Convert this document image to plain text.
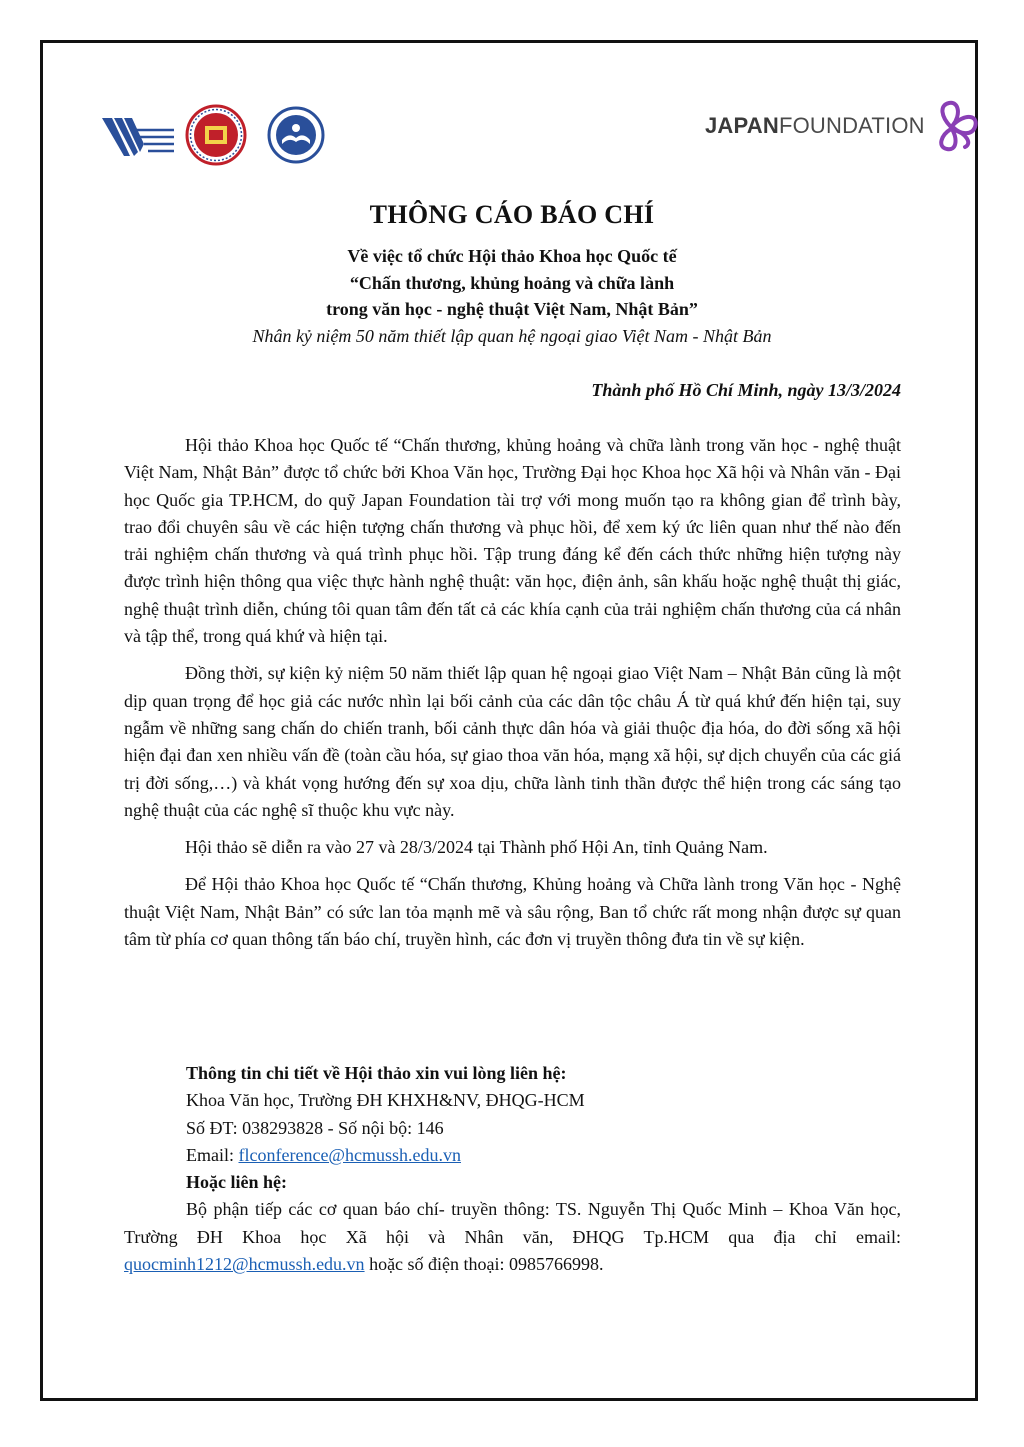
JAPANFOUNDATION
THÔNG CÁO BÁO CHÍ
Về việc tổ chức Hội thảo Khoa học Quốc tế
“Chấn thương, khủng hoảng và chữa lành
trong văn học - nghệ thuật Việt Nam, Nhật Bản”
Nhân kỷ niệm 50 năm thiết lập quan hệ ngoại giao Việt Nam - Nhật Bản
Thành phố Hồ Chí Minh, ngày 13/3/2024

Hội thảo Khoa học Quốc tế “Chấn thương, khủng hoảng và chữa lành trong văn học - nghệ thuật Việt Nam, Nhật Bản” được tổ chức bởi Khoa Văn học, Trường Đại học Khoa học Xã hội và Nhân văn - Đại học Quốc gia TP.HCM, do quỹ Japan Foundation tài trợ với mong muốn tạo ra không gian để trình bày, trao đổi chuyên sâu về các hiện tượng chấn thương và phục hồi, để xem ký ức liên quan như thế nào đến trải nghiệm chấn thương và quá trình phục hồi. Tập trung đáng kể đến cách thức những hiện tượng này được trình hiện thông qua việc thực hành nghệ thuật: văn học, điện ảnh, sân khấu hoặc nghệ thuật thị giác, nghệ thuật trình diễn, chúng tôi quan tâm đến tất cả các khía cạnh của trải nghiệm chấn thương của cá nhân và tập thể, trong quá khứ và hiện tại.

Đồng thời, sự kiện kỷ niệm 50 năm thiết lập quan hệ ngoại giao Việt Nam – Nhật Bản cũng là một dịp quan trọng để học giả các nước nhìn lại bối cảnh của các dân tộc châu Á từ quá khứ đến hiện tại, suy ngẫm về những sang chấn do chiến tranh, bối cảnh thực dân hóa và giải thuộc địa hóa, do đời sống xã hội hiện đại đan xen nhiều vấn đề (toàn cầu hóa, sự giao thoa văn hóa, mạng xã hội, sự dịch chuyển của các giá trị đời sống,…) và khát vọng hướng đến sự xoa dịu, chữa lành tinh thần được thể hiện trong các sáng tạo nghệ thuật của các nghệ sĩ thuộc khu vực này.

Hội thảo sẽ diễn ra vào 27 và 28/3/2024 tại Thành phố Hội An, tỉnh Quảng Nam.

Để Hội thảo Khoa học Quốc tế “Chấn thương, Khủng hoảng và Chữa lành trong Văn học - Nghệ thuật Việt Nam, Nhật Bản” có sức lan tỏa mạnh mẽ và sâu rộng, Ban tổ chức rất mong nhận được sự quan tâm từ phía cơ quan thông tấn báo chí, truyền hình, các đơn vị truyền thông đưa tin về sự kiện.

Thông tin chi tiết về Hội thảo xin vui lòng liên hệ:
Khoa Văn học, Trường ĐH KHXH&NV, ĐHQG-HCM
Số ĐT: 038293828 - Số nội bộ: 146
Email: flconference@hcmussh.edu.vn
Hoặc liên hệ:
Bộ phận tiếp các cơ quan báo chí- truyền thông: TS. Nguyễn Thị Quốc Minh – Khoa Văn học, Trường ĐH Khoa học Xã hội và Nhân văn, ĐHQG Tp.HCM qua địa chỉ email: quocminh1212@hcmussh.edu.vn hoặc số điện thoại: 0985766998.
